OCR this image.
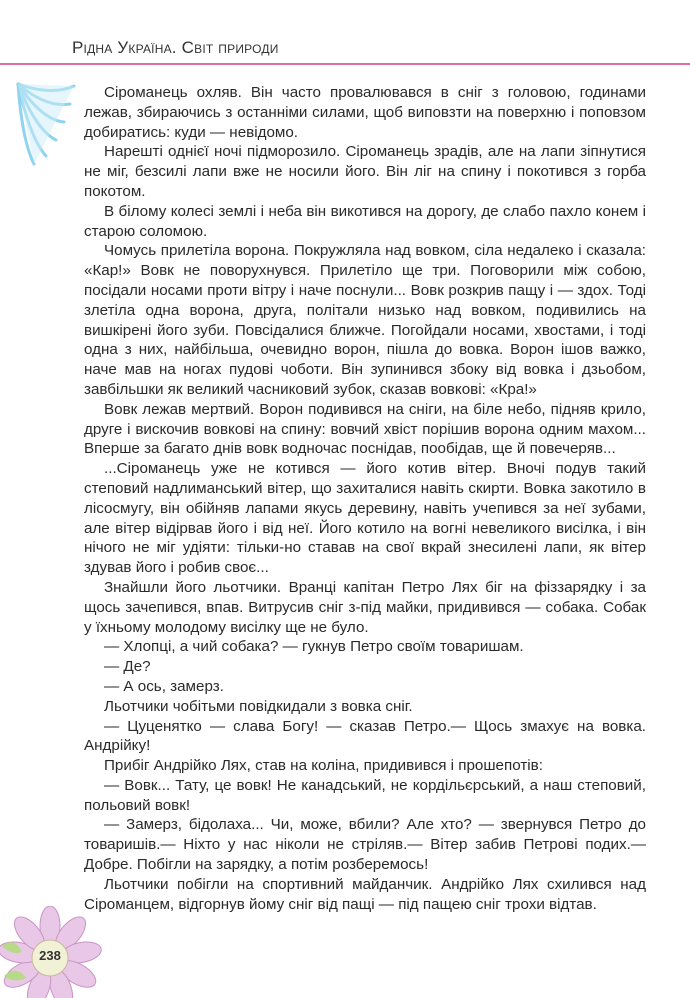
Рідна Україна. Світ природи

Сіроманець охляв. Він часто провалювався в сніг з головою, годинами лежав, збираючись з останніми силами, щоб виповзти на поверхню і поповзом добиратись: куди — невідомо.

Нарешті однієї ночі підморозило. Сіроманець зрадів, але на лапи зіпнутися не міг, безсилі лапи вже не носили його. Він ліг на спину і покотився з горба покотом.

В білому колесі землі і неба він викотився на дорогу, де слабо пахло конем і старою соломою.

Чомусь прилетіла ворона. Покружляла над вовком, сіла недалеко і сказала: «Кар!» Вовк не поворухнувся. Прилетіло ще три. Поговорили між собою, посідали носами проти вітру і наче поснули... Вовк розкрив пащу і — здох. Тоді злетіла одна ворона, друга, політали низько над вовком, подивились на вишкірені його зуби. Повсідалися ближче. Погойдали носами, хвостами, і тоді одна з них, найбільша, очевидно ворон, пішла до вовка. Ворон ішов важко, наче мав на ногах пудові чоботи. Він зупинився збоку від вовка і дзьобом, завбільшки як великий часниковий зубок, сказав вовкові: «Кра!»

Вовк лежав мертвий. Ворон подивився на сніги, на біле небо, підняв крило, друге і вискочив вовкові на спину: вовчий хвіст порішив ворона одним махом... Вперше за багато днів вовк водночас поснідав, пообідав, ще й повечеряв...

...Сіроманець уже не котився — його котив вітер. Вночі подув такий степовий надлиманський вітер, що захиталися навіть скирти. Вовка закотило в лісосмугу, він обійняв лапами якусь деревину, навіть учепився за неї зубами, але вітер відірвав його і від неї. Його котило на вогні невеликого висілка, і він нічого не міг удіяти: тільки-но ставав на свої вкрай знесилені лапи, як вітер здував його і робив своє...

Знайшли його льотчики. Вранці капітан Петро Лях біг на фіззарядку і за щось зачепився, впав. Витрусив сніг з-під майки, придивився — собака. Собак у їхньому молодому висілку ще не було.

— Хлопці, а чий собака? — гукнув Петро своїм товаришам.

— Де?

— А ось, замерз.

Льотчики чобітьми повідкидали з вовка сніг.

— Цуценятко — слава Богу! — сказав Петро.— Щось змахує на вовка. Андрійку!

Прибіг Андрійко Лях, став на коліна, придивився і прошепотів:

— Вовк... Тату, це вовк! Не канадський, не кордільєрський, а наш степовий, польовий вовк!

— Замерз, бідолаха... Чи, може, вбили? Але хто? — звернувся Петро до товаришів.— Ніхто у нас ніколи не стріляв.— Вітер забив Петрові подих.— Добре. Побігли на зарядку, а потім розберемось!

Льотчики побігли на спортивний майданчик. Андрійко Лях схилився над Сіроманцем, відгорнув йому сніг від пащі — під пащею сніг трохи відтав.

238
